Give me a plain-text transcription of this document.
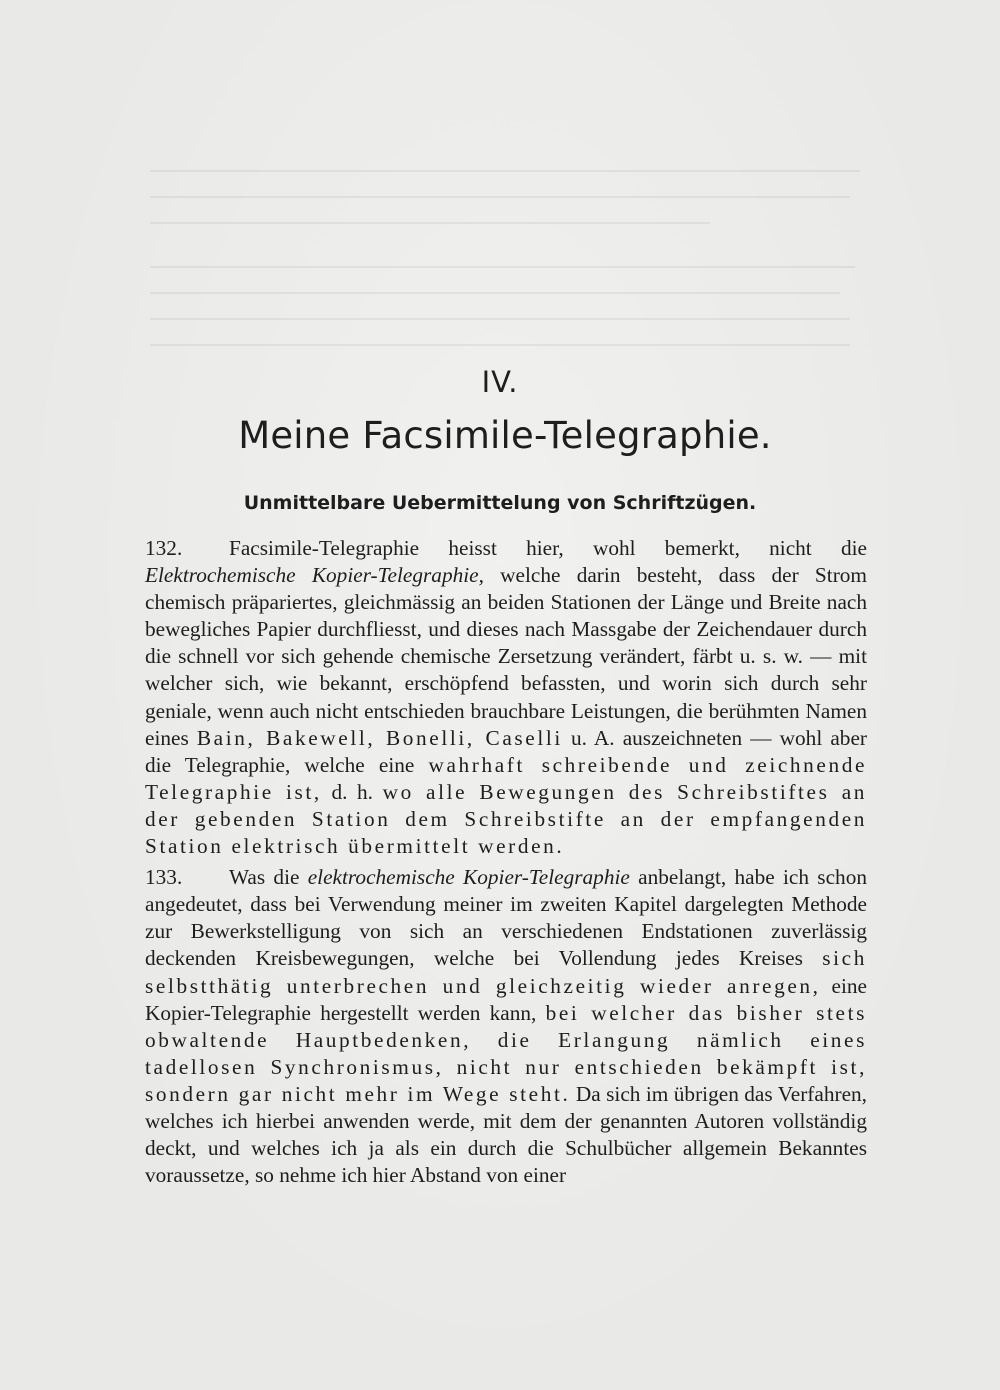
IV.
Meine Facsimile-Telegraphie.
Unmittelbare Uebermittelung von Schriftzügen.

132. Facsimile-Telegraphie heisst hier, wohl bemerkt, nicht die Elektrochemische Kopier-Telegraphie, welche darin besteht, dass der Strom chemisch präpariertes, gleichmässig an beiden Stationen der Länge und Breite nach bewegliches Papier durchfliesst, und dieses nach Massgabe der Zeichendauer durch die schnell vor sich gehende chemische Zersetzung verändert, färbt u. s. w. — mit welcher sich, wie bekannt, erschöpfend befassten, und worin sich durch sehr geniale, wenn auch nicht entschieden brauchbare Leistungen, die berühmten Namen eines Bain, Bakewell, Bonelli, Caselli u. A. auszeichneten — wohl aber die Telegraphie, welche eine wahrhaft schreibende und zeichnende Telegraphie ist, d. h. wo alle Bewegungen des Schreibstiftes an der gebenden Station dem Schreibstifte an der empfangenden Station elektrisch übermittelt werden.

133. Was die elektrochemische Kopier-Telegraphie anbelangt, habe ich schon angedeutet, dass bei Verwendung meiner im zweiten Kapitel dargelegten Methode zur Bewerkstelligung von sich an verschiedenen Endstationen zuverlässig deckenden Kreisbewegungen, welche bei Vollendung jedes Kreises sich selbstthätig unterbrechen und gleichzeitig wieder anregen, eine Kopier-Telegraphie hergestellt werden kann, bei welcher das bisher stets obwaltende Hauptbedenken, die Erlangung nämlich eines tadellosen Synchronismus, nicht nur entschieden bekämpft ist, sondern gar nicht mehr im Wege steht. Da sich im übrigen das Verfahren, welches ich hierbei anwenden werde, mit dem der genannten Autoren vollständig deckt, und welches ich ja als ein durch die Schulbücher allgemein Bekanntes voraussetze, so nehme ich hier Abstand von einer
